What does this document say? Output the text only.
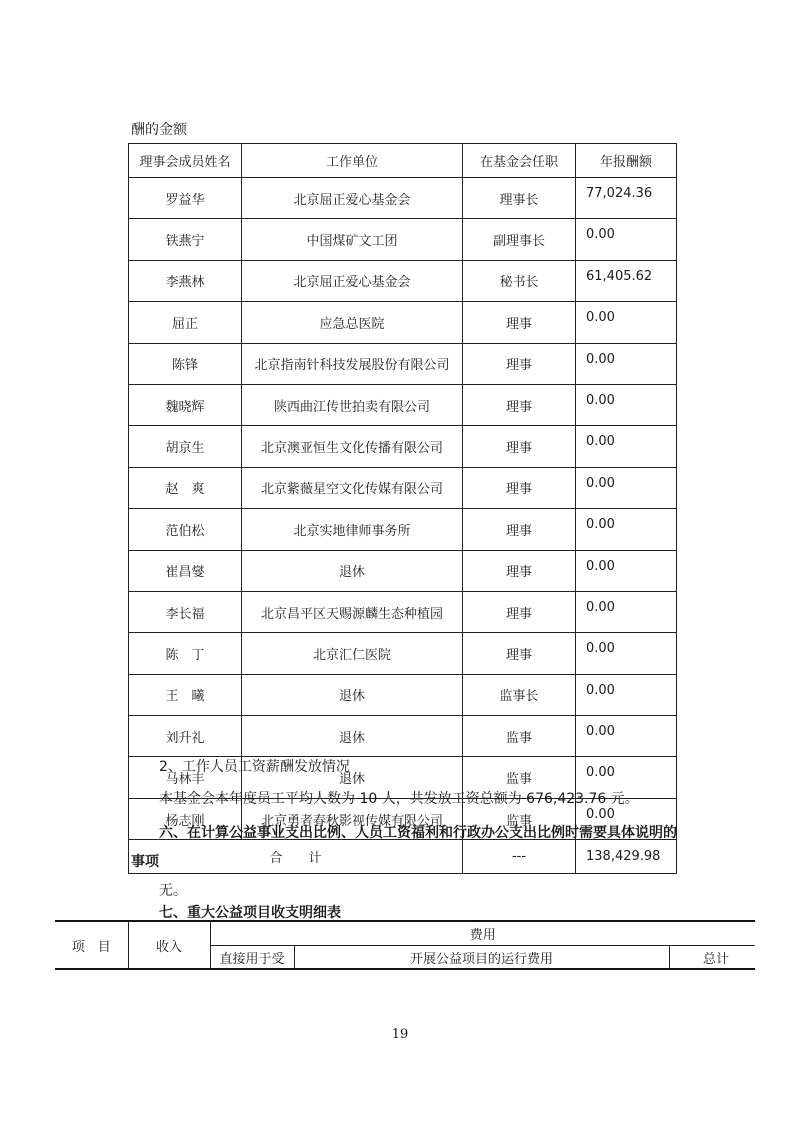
酬的金额
理事会成员姓名	工作单位	在基金会任职	年报酬额
罗益华	北京屈正爱心基金会	理事长	77,024.36
铁燕宁	中国煤矿文工团	副理事长	0.00
李燕林	北京屈正爱心基金会	秘书长	61,405.62
屈正	应急总医院	理事	0.00
陈锋	北京指南针科技发展股份有限公司	理事	0.00
魏晓辉	陕西曲江传世拍卖有限公司	理事	0.00
胡京生	北京澳亚恒生文化传播有限公司	理事	0.00
赵　爽	北京紫薇星空文化传媒有限公司	理事	0.00
范伯松	北京实地律师事务所	理事	0.00
崔昌燮	退休	理事	0.00
李长福	北京昌平区天赐源麟生态种植园	理事	0.00
陈　丁	北京汇仁医院	理事	0.00
王　曦	退休	监事长	0.00
刘升礼	退休	监事	0.00
马林丰	退休	监事	0.00
杨志刚	北京勇者春秋影视传媒有限公司	监事	0.00
合　　计		---	138,429.98
2、工作人员工资薪酬发放情况
本基金会本年度员工平均人数为 10 人，共发放工资总额为 676,423.76 元。
六、在计算公益事业支出比例、人员工资福利和行政办公支出比例时需要具体说明的
事项
无。
七、重大公益项目收支明细表
项　目	收入	费用		
		直接用于受	开展公益项目的运行费用	总计
19
